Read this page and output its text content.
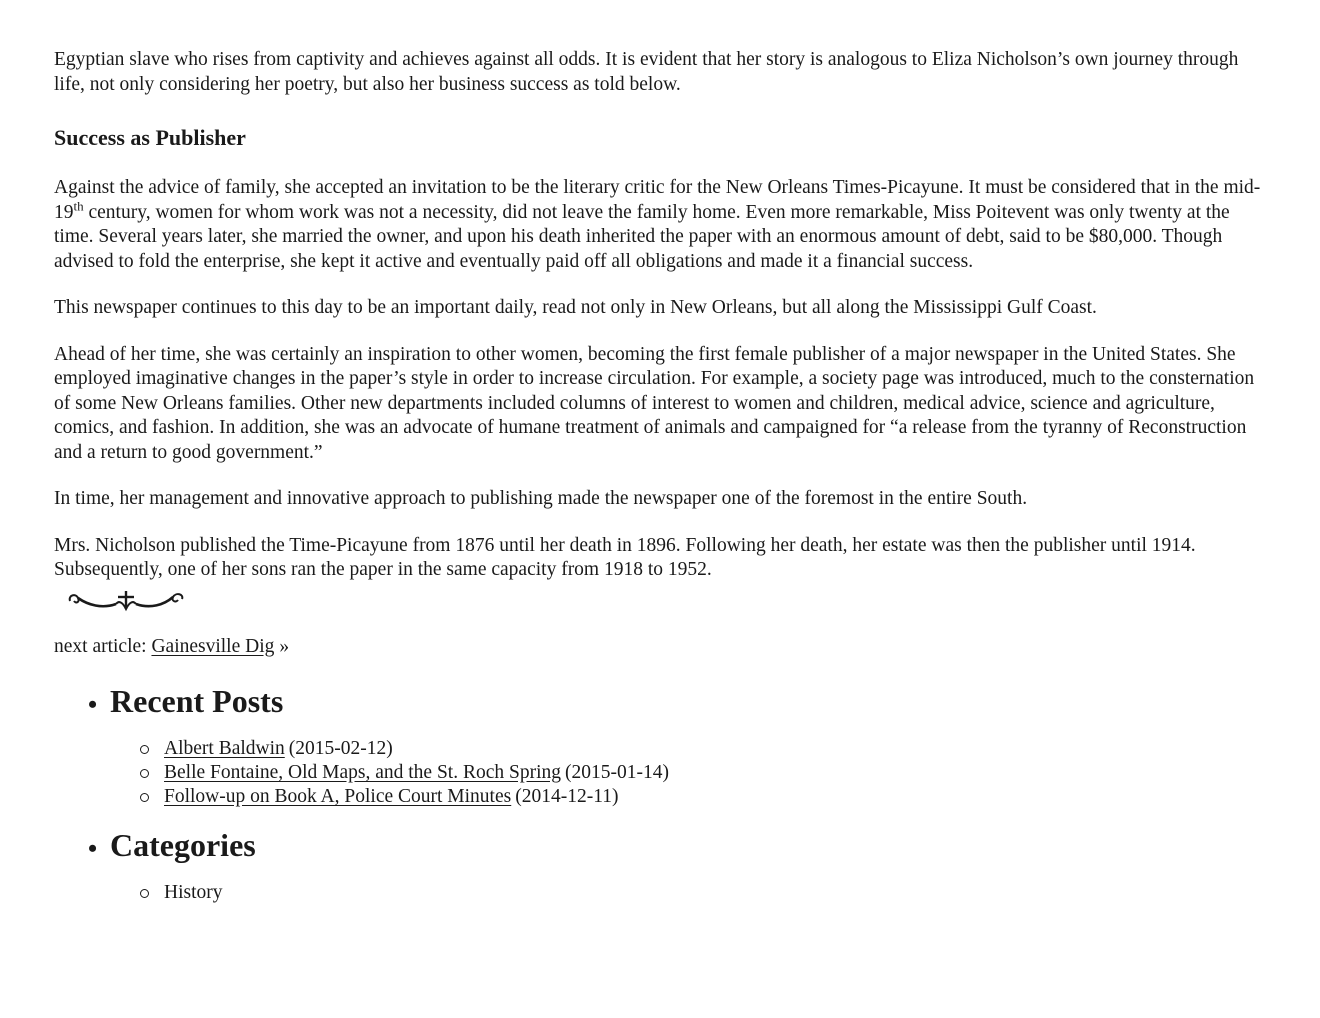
Egyptian slave who rises from captivity and achieves against all odds. It is evident that her story is analogous to Eliza Nicholson’s own journey through life, not only considering her poetry, but also her business success as told below.

Success as Publisher

Against the advice of family, she accepted an invitation to be the literary critic for the New Orleans Times-Picayune. It must be considered that in the mid-19th century, women for whom work was not a necessity, did not leave the family home. Even more remarkable, Miss Poitevent was only twenty at the time. Several years later, she married the owner, and upon his death inherited the paper with an enormous amount of debt, said to be $80,000. Though advised to fold the enterprise, she kept it active and eventually paid off all obligations and made it a financial success.

This newspaper continues to this day to be an important daily, read not only in New Orleans, but all along the Mississippi Gulf Coast.

Ahead of her time, she was certainly an inspiration to other women, becoming the first female publisher of a major newspaper in the United States. She employed imaginative changes in the paper’s style in order to increase circulation. For example, a society page was introduced, much to the consternation of some New Orleans families. Other new departments included columns of interest to women and children, medical advice, science and agriculture, comics, and fashion. In addition, she was an advocate of humane treatment of animals and campaigned for “a release from the tyranny of Reconstruction and a return to good government.”

In time, her management and innovative approach to publishing made the newspaper one of the foremost in the entire South.

Mrs. Nicholson published the Time-Picayune from 1876 until her death in 1896. Following her death, her estate was then the publisher until 1914. Subsequently, one of her sons ran the paper in the same capacity from 1918 to 1952.

next article: Gainesville Dig »
• Recent Posts
Albert Baldwin (2015-02-12)
Belle Fontaine, Old Maps, and the St. Roch Spring (2015-01-14)
Follow-up on Book A, Police Court Minutes (2014-12-11)
• Categories
History
